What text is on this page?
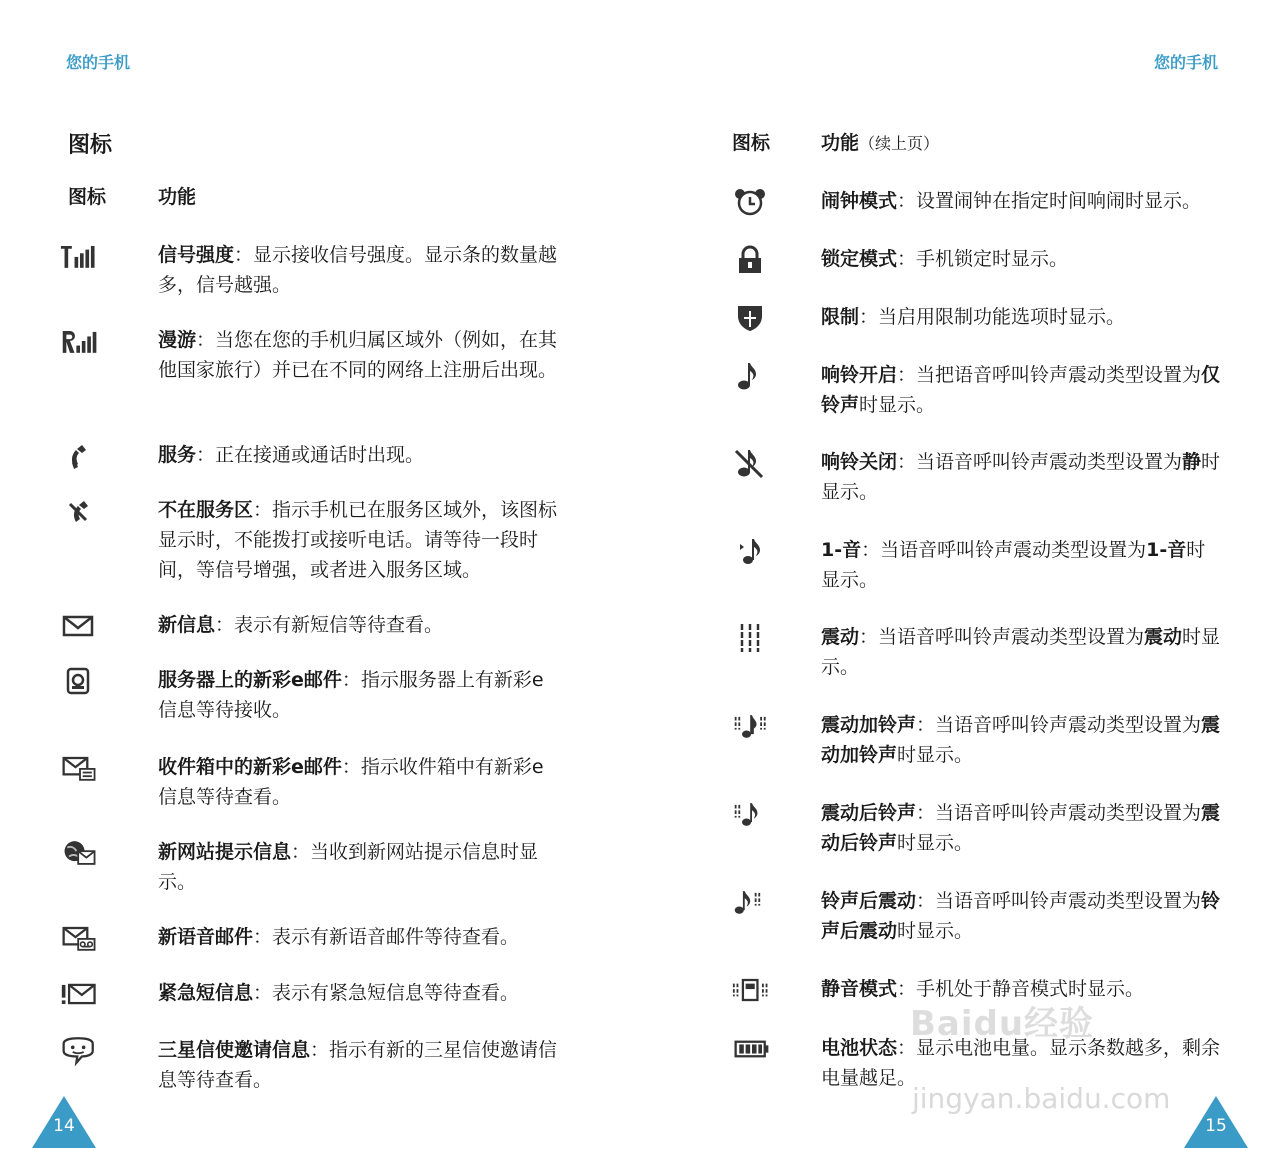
您的手机
图标
图标	功能
信号强度：显示接收信号强度。显示条的数量越多，信号越强。
漫游：当您在您的手机归属区域外（例如，在其他国家旅行）并已在不同的网络上注册后出现。
服务：正在接通或通话时出现。
不在服务区：指示手机已在服务区域外，该图标显示时，不能拨打或接听电话。请等待一段时间，等信号增强，或者进入服务区域。
新信息：表示有新短信等待查看。
服务器上的新彩e邮件：指示服务器上有新彩e信息等待接收。
收件箱中的新彩e邮件：指示收件箱中有新彩e信息等待查看。
新网站提示信息：当收到新网站提示信息时显示。
新语音邮件：表示有新语音邮件等待查看。
紧急短信息：表示有紧急短信息等待查看。
三星信使邀请信息：指示有新的三星信使邀请信息等待查看。
14
您的手机
图标	功能（续上页）
闹钟模式：设置闹钟在指定时间响闹时显示。
锁定模式：手机锁定时显示。
限制：当启用限制功能选项时显示。
响铃开启：当把语音呼叫铃声震动类型设置为仅铃声时显示。
响铃关闭：当语音呼叫铃声震动类型设置为静时显示。
1-音：当语音呼叫铃声震动类型设置为1-音时显示。
震动：当语音呼叫铃声震动类型设置为震动时显示。
震动加铃声：当语音呼叫铃声震动类型设置为震动加铃声时显示。
震动后铃声：当语音呼叫铃声震动类型设置为震动后铃声时显示。
铃声后震动：当语音呼叫铃声震动类型设置为铃声后震动时显示。
静音模式：手机处于静音模式时显示。
电池状态：显示电池电量。显示条数越多，剩余电量越足。
15
Baidu经验
jingyan.baidu.com
